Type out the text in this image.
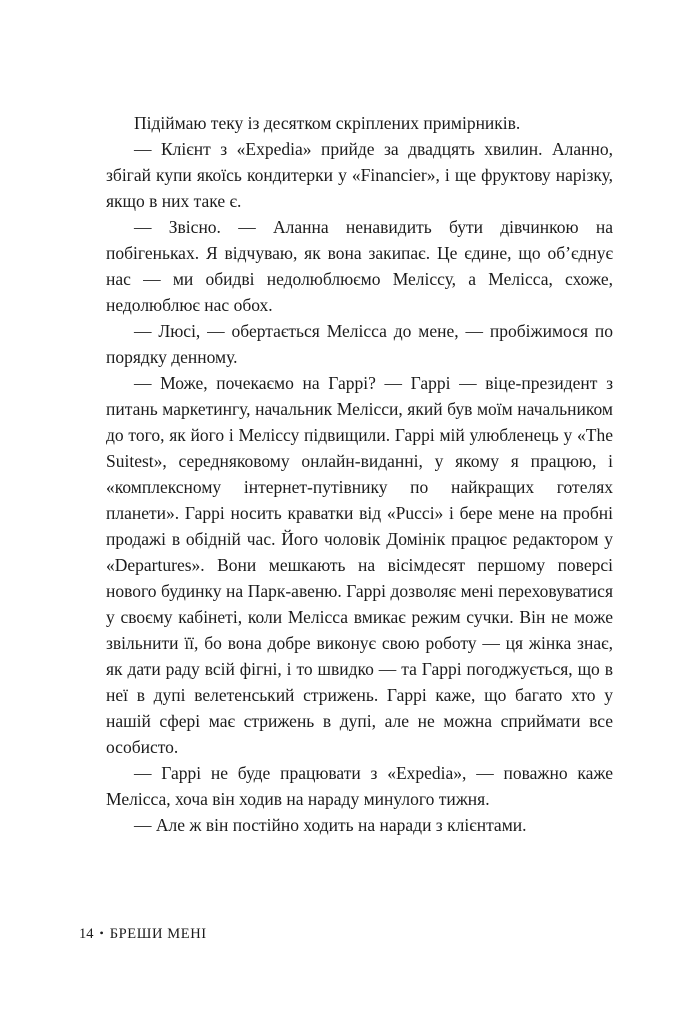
Підіймаю теку із десятком скріплених примірників.

— Клієнт з «Expedia» прийде за двадцять хвилин. Аланно, збігай купи якоїсь кондитерки у «Financier», і ще фруктову нарізку, якщо в них таке є.

— Звісно. — Аланна ненавидить бути дівчинкою на побігеньках. Я відчуваю, як вона закипає. Це єдине, що об’єднує нас — ми обидві недолюблюємо Меліссу, а Мелісса, схоже, недолюблює нас обох.

— Люсі, — обертається Мелісса до мене, — пробіжимося по порядку денному.

— Може, почекаємо на Гаррі? — Гаррі — віце-президент з питань маркетингу, начальник Мелісси, який був моїм начальником до того, як його і Меліссу підвищили. Гаррі мій улюбленець у «The Suitest», середняковому онлайн-виданні, у якому я працюю, і «комплексному інтернет-путівнику по найкращих готелях планети». Гаррі носить краватки від «Pucci» і бере мене на пробні продажі в обідній час. Його чоловік Домінік працює редактором у «Departures». Вони мешкають на вісімдесят першому поверсі нового будинку на Парк-авеню. Гаррі дозволяє мені переховуватися у своєму кабінеті, коли Мелісса вмикає режим сучки. Він не може звільнити її, бо вона добре виконує свою роботу — ця жінка знає, як дати раду всій фігні, і то швидко — та Гаррі погоджується, що в неї в дупі велетенський стрижень. Гаррі каже, що багато хто у нашій сфері має стрижень в дупі, але не можна сприймати все особисто.

— Гаррі не буде працювати з «Expedia», — поважно каже Мелісса, хоча він ходив на нараду минулого тижня.

— Але ж він постійно ходить на наради з клієнтами.

14 • БРЕШИ МЕНІ
